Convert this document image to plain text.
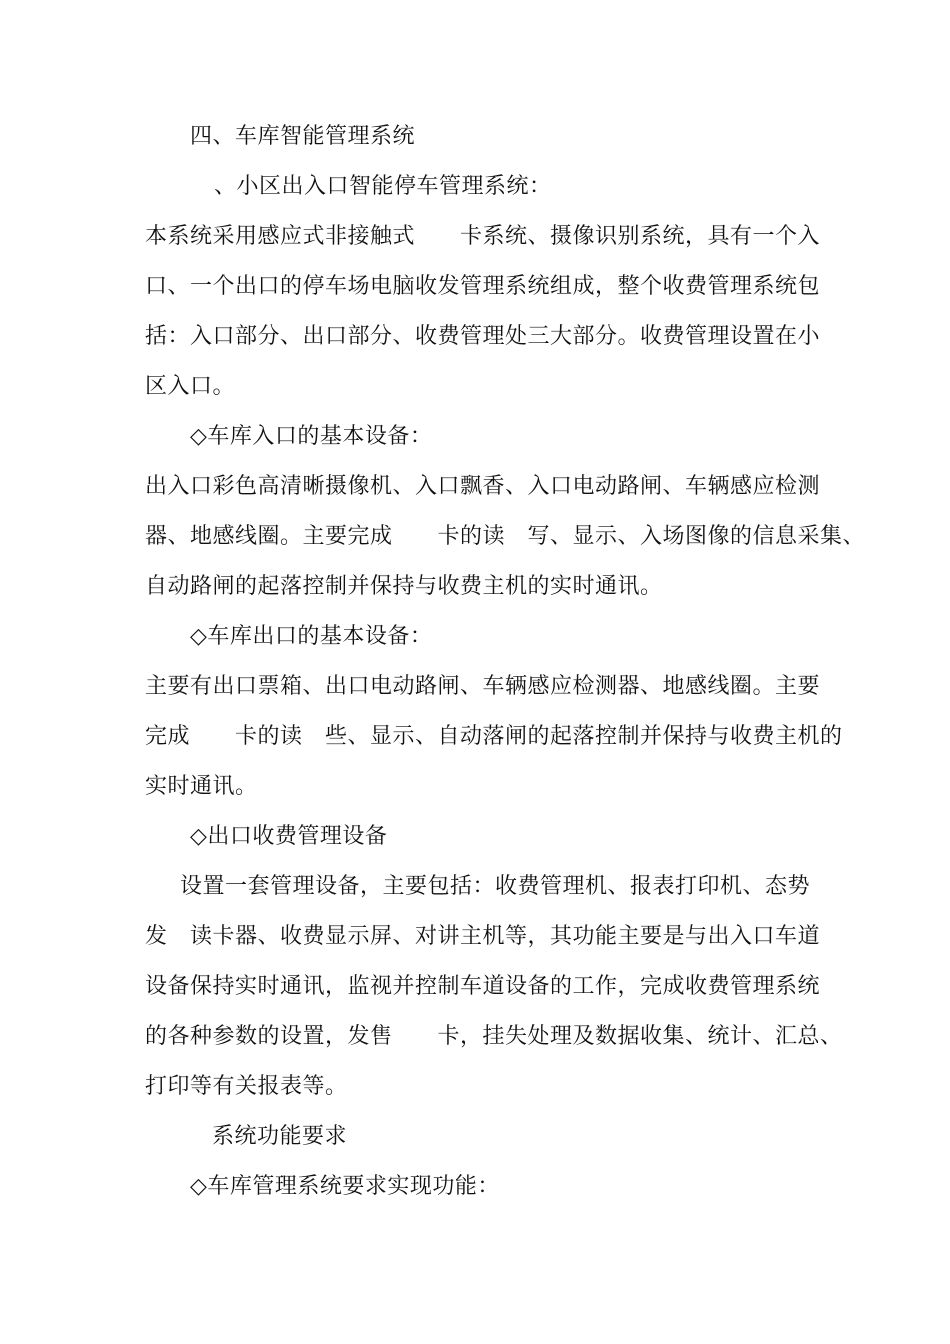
四、车库智能管理系统
、小区出入口智能停车管理系统：
本系统采用感应式非接触式　　卡系统、摄像识别系统，具有一个入
口、一个出口的停车场电脑收发管理系统组成，整个收费管理系统包
括：入口部分、出口部分、收费管理处三大部分。收费管理设置在小
区入口。
◇车库入口的基本设备：
出入口彩色高清晰摄像机、入口飘香、入口电动路闸、车辆感应检测
器、地感线圈。主要完成　　卡的读　写、显示、入场图像的信息采集、
自动路闸的起落控制并保持与收费主机的实时通讯。
◇车库出口的基本设备：
主要有出口票箱、出口电动路闸、车辆感应检测器、地感线圈。主要
完成　　卡的读　些、显示、自动落闸的起落控制并保持与收费主机的
实时通讯。
◇出口收费管理设备
设置一套管理设备，主要包括：收费管理机、报表打印机、态势
发　读卡器、收费显示屏、对讲主机等，其功能主要是与出入口车道
设备保持实时通讯，监视并控制车道设备的工作，完成收费管理系统
的各种参数的设置，发售　　卡，挂失处理及数据收集、统计、汇总、
打印等有关报表等。
系统功能要求
◇车库管理系统要求实现功能：
